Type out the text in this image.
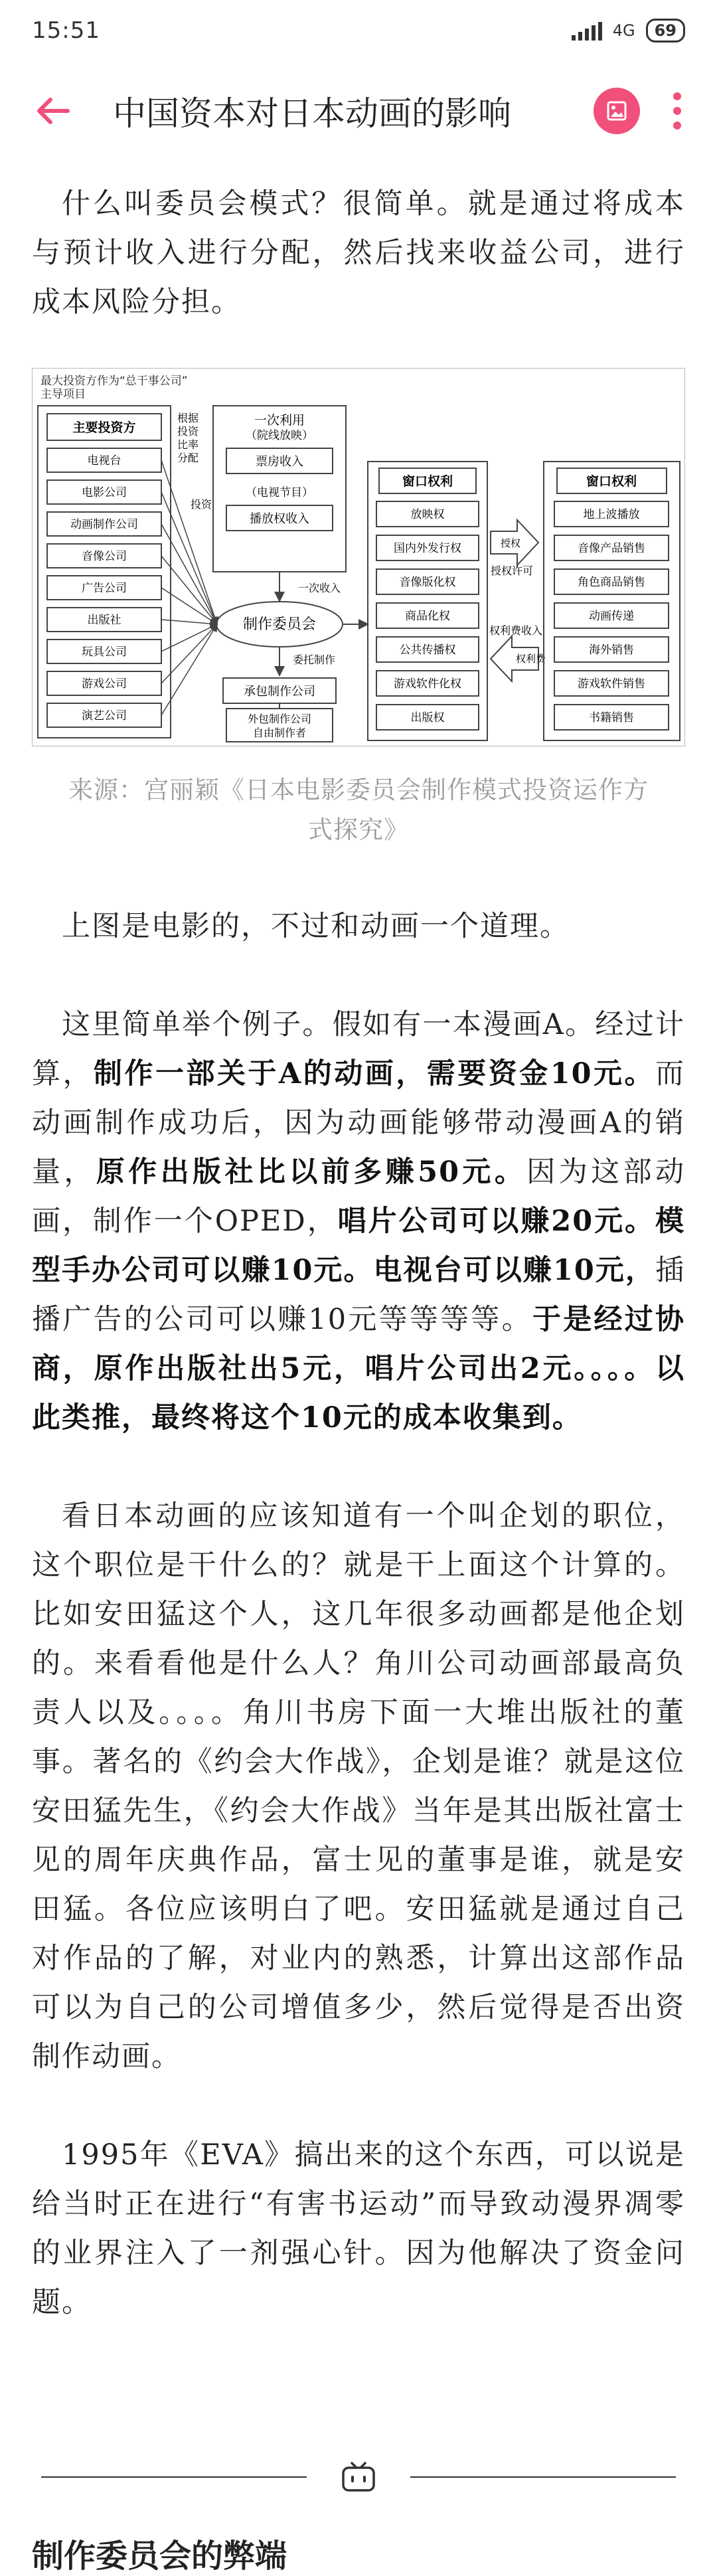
15:51	4G	69
中国资本对日本动画的影响

什么叫委员会模式？很简单。就是通过将成本与预计收入进行分配，然后找来收益公司，进行成本风险分担。

最大投资方作为“总干事公司”
主导项目
主要投资方
电视台
电影公司
动画制作公司
音像公司
广告公司
出版社
玩具公司
游戏公司
演艺公司
根据
投资
比率
分配
投资
一次利用
（院线放映）
票房收入
（电视节目）
播放权收入
一次收入
制作委员会
委托制作
承包制作公司
外包制作公司
自由制作者
窗口权利
放映权
国内外发行权
音像版化权
商品化权
公共传播权
游戏软件化权
出版权
授权
权利费
授权许可
权利费收入
窗口权利
地上波播放
音像产品销售
角色商品销售
动画传递
海外销售
游戏软件销售
书籍销售
来源：宫丽颖《日本电影委员会制作模式投资运作方式探究》

上图是电影的，不过和动画一个道理。

这里简单举个例子。假如有一本漫画A。经过计算，制作一部关于A的动画，需要资金10元。而动画制作成功后，因为动画能够带动漫画A的销量，原作出版社比以前多赚50元。因为这部动画，制作一个OPED，唱片公司可以赚20元。模型手办公司可以赚10元。电视台可以赚10元，插播广告的公司可以赚10元等等等等。于是经过协商，原作出版社出5元，唱片公司出2元。。。。以此类推，最终将这个10元的成本收集到。

看日本动画的应该知道有一个叫企划的职位，这个职位是干什么的？就是干上面这个计算的。比如安田猛这个人，这几年很多动画都是他企划的。来看看他是什么人？角川公司动画部最高负责人以及。。。。角川书房下面一大堆出版社的董事。著名的《约会大作战》，企划是谁？就是这位安田猛先生，《约会大作战》当年是其出版社富士见的周年庆典作品，富士见的董事是谁，就是安田猛。各位应该明白了吧。安田猛就是通过自己对作品的了解，对业内的熟悉，计算出这部作品可以为自己的公司增值多少，然后觉得是否出资制作动画。

1995年《EVA》搞出来的这个东西，可以说是给当时正在进行“有害书运动”而导致动漫界凋零的业界注入了一剂强心针。因为他解决了资金问题。

制作委员会的弊端
